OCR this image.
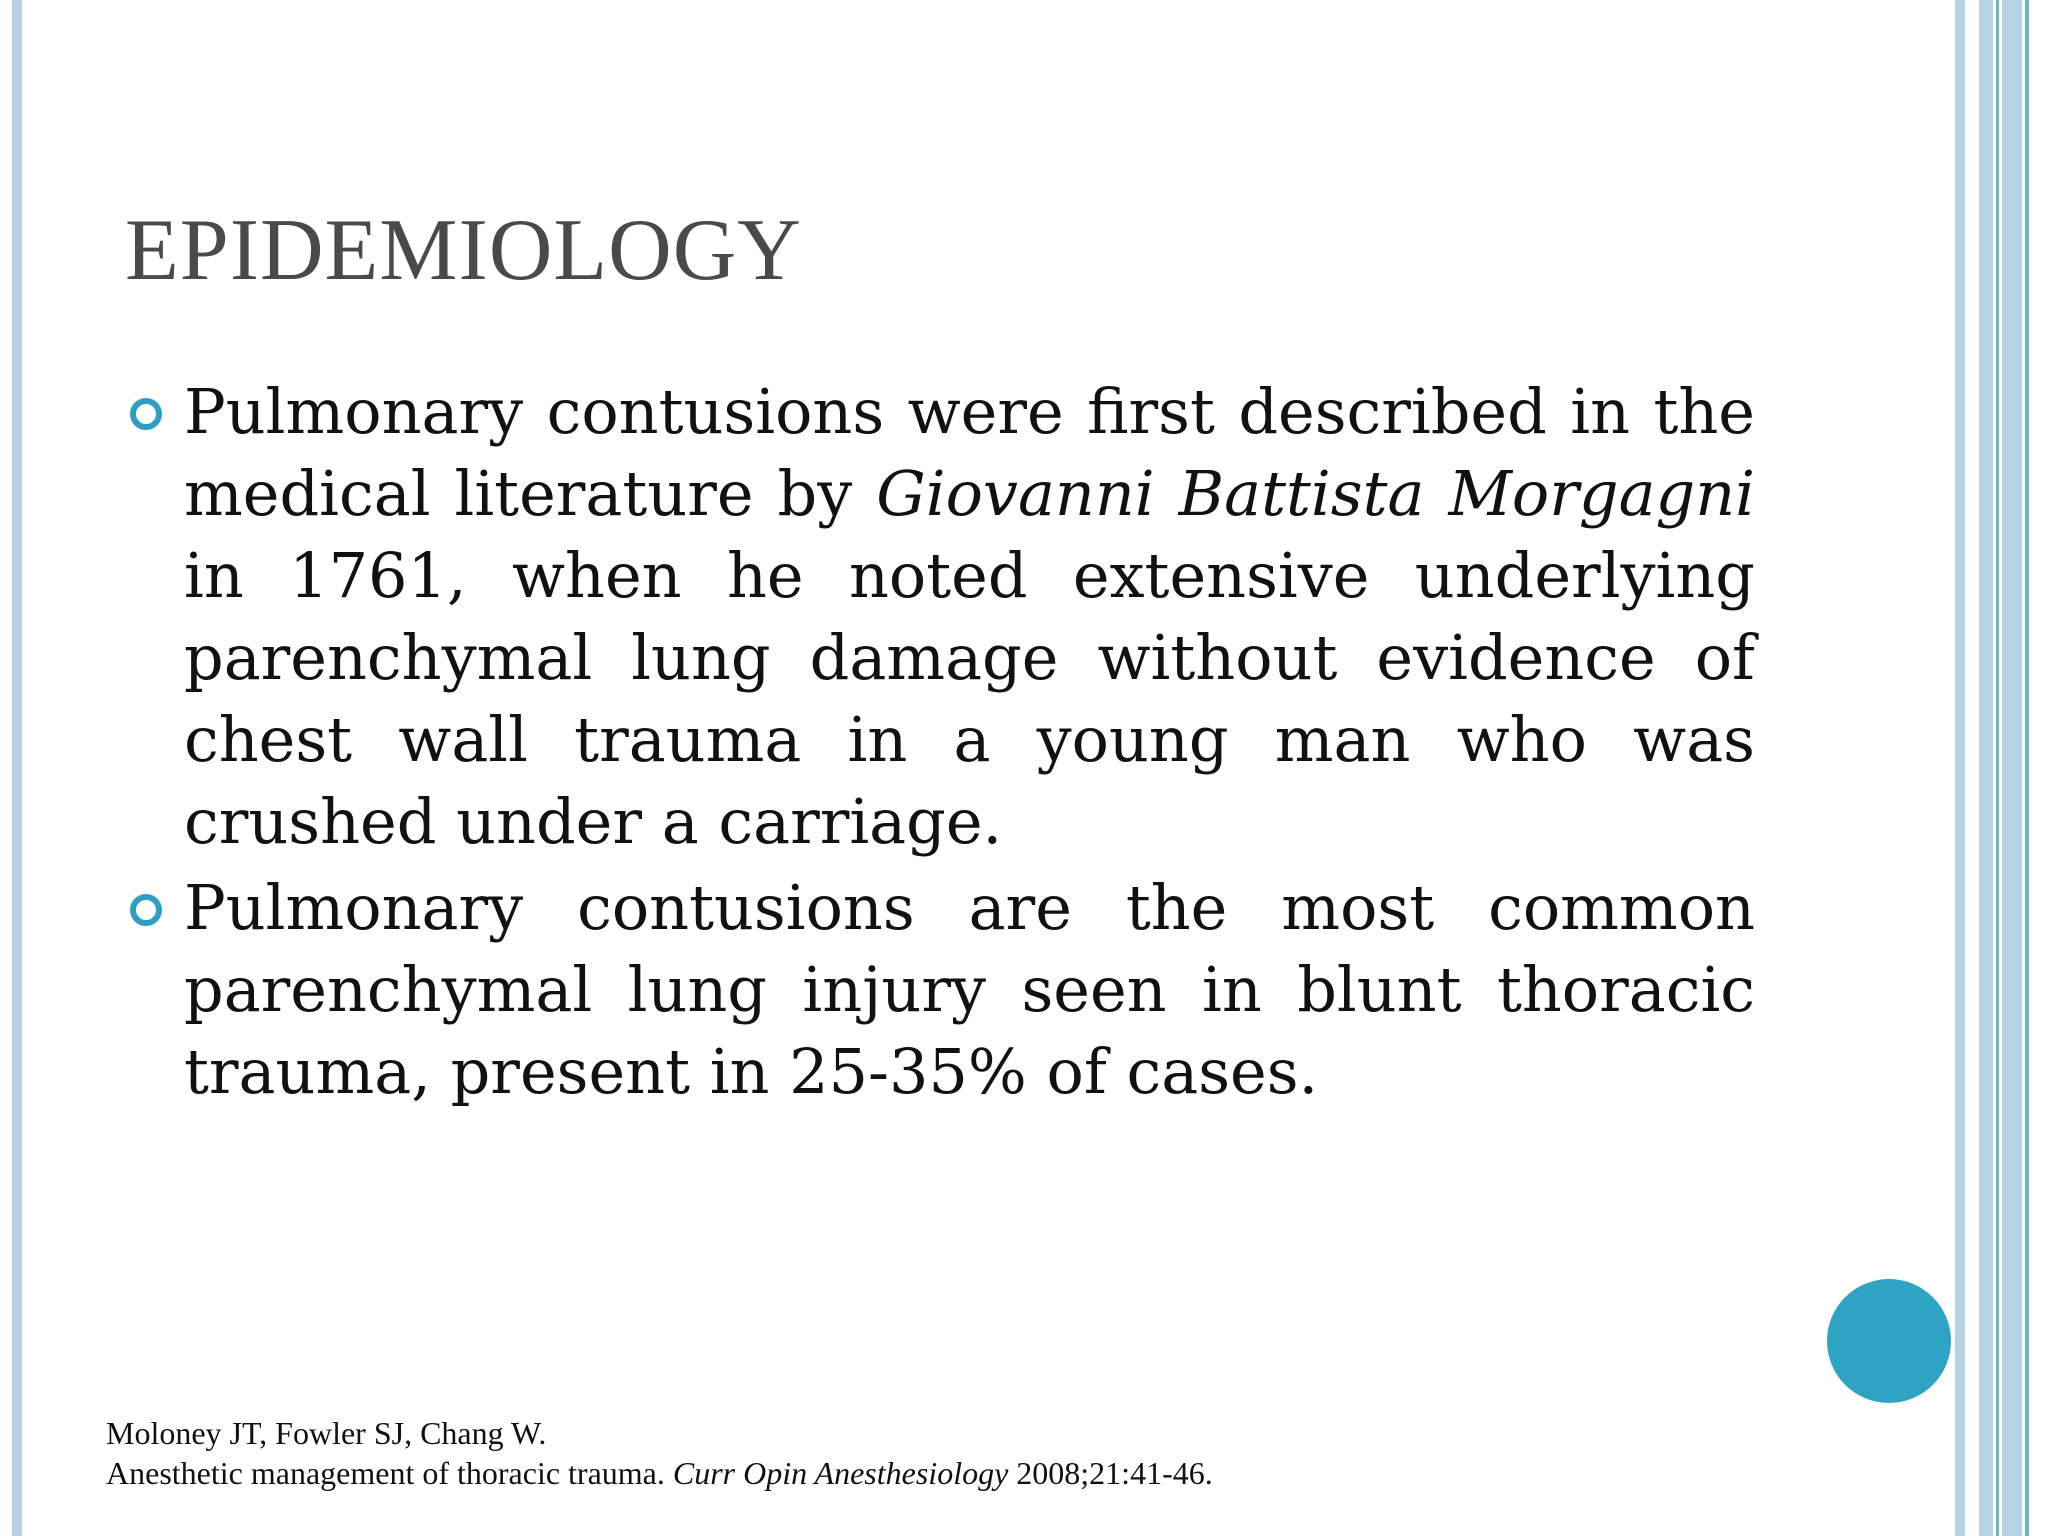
EPIDEMIOLOGY
Pulmonary contusions were first described in the medical literature by Giovanni Battista Morgagni in 1761, when he noted extensive underlying parenchymal lung damage without evidence of chest wall trauma in a young man who was crushed under a carriage.
Pulmonary contusions are the most common parenchymal lung injury seen in blunt thoracic trauma, present in 25-35% of cases.
Moloney JT, Fowler SJ, Chang W.
Anesthetic management of thoracic trauma. Curr Opin Anesthesiology 2008;21:41-46.
